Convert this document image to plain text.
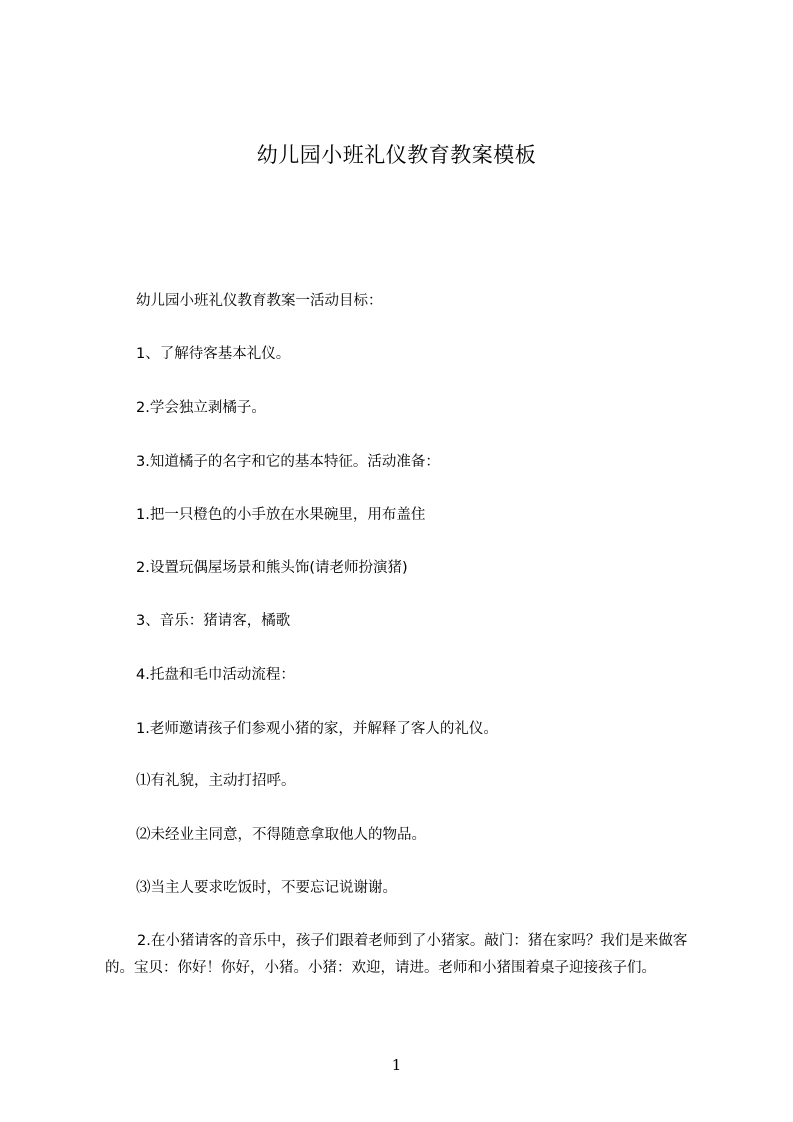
幼儿园小班礼仪教育教案模板
幼儿园小班礼仪教育教案一活动目标：
1、了解待客基本礼仪。
2.学会独立剥橘子。
3.知道橘子的名字和它的基本特征。活动准备：
1.把一只橙色的小手放在水果碗里，用布盖住
2.设置玩偶屋场景和熊头饰(请老师扮演猪)
3、音乐：猪请客，橘歌
4.托盘和毛巾活动流程：
1.老师邀请孩子们参观小猪的家，并解释了客人的礼仪。
⑴有礼貌，主动打招呼。
⑵未经业主同意，不得随意拿取他人的物品。
⑶当主人要求吃饭时，不要忘记说谢谢。
2.在小猪请客的音乐中，孩子们跟着老师到了小猪家。敲门：猪在家吗？我们是来做客的。宝贝：你好！你好，小猪。小猪：欢迎，请进。老师和小猪围着桌子迎接孩子们。
1
